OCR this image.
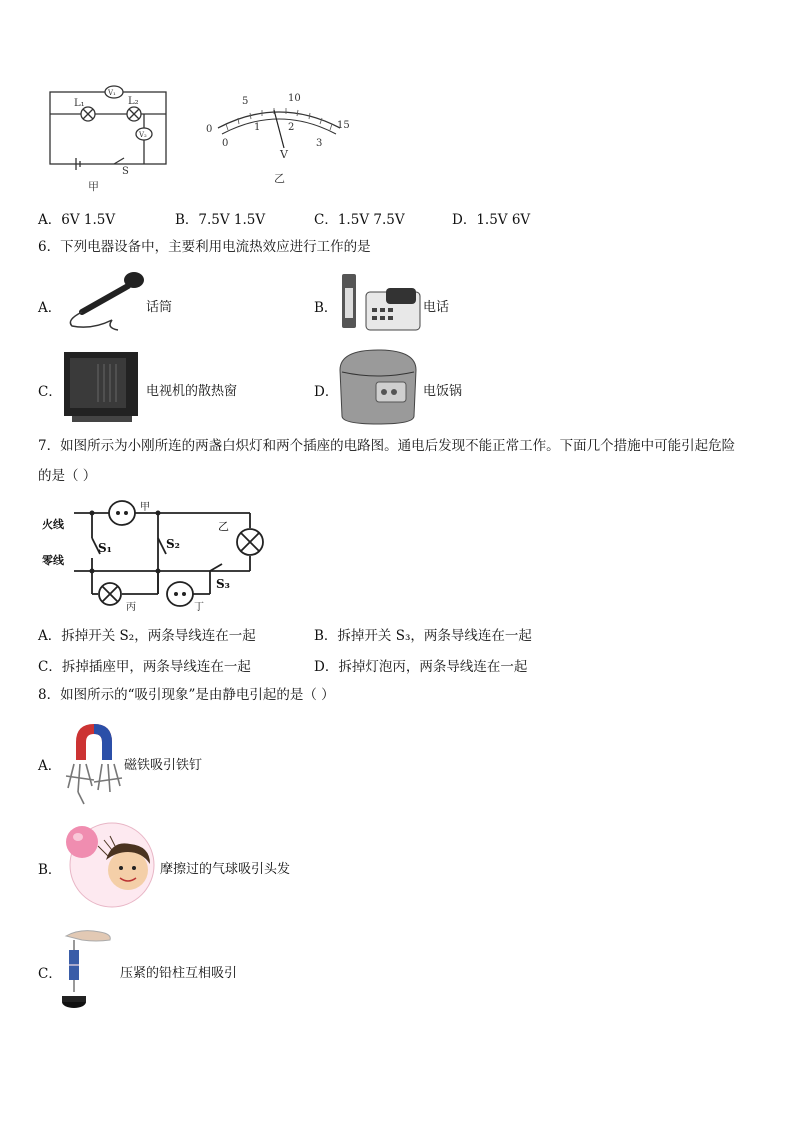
L₁	L₂
V₁
V₂
S
甲
0
5	10
15
0
1	2
3
V
乙
A．6V 1.5V	B．7.5V 1.5V	C．1.5V 7.5V	D．1.5V 6V
6．下列电器设备中，主要利用电流热效应进行工作的是
A．	话筒	B．	电话
C．	电视机的散热窗	D．	电饭锅
7．如图所示为小刚所连的两盏白炽灯和两个插座的电路图。通电后发现不能正常工作。下面几个措施中可能引起危险
的是（ ）
火线
零线
S₁	S₂
S₃
甲
乙
丙	丁
A．拆掉开关 S₂，两条导线连在一起	B．拆掉开关 S₃，两条导线连在一起
C．拆掉插座甲，两条导线连在一起	D．拆掉灯泡丙，两条导线连在一起
8．如图所示的“吸引现象”是由静电引起的是（ ）
A．	磁铁吸引铁钉
B．	摩擦过的气球吸引头发
C．	压紧的铅柱互相吸引
